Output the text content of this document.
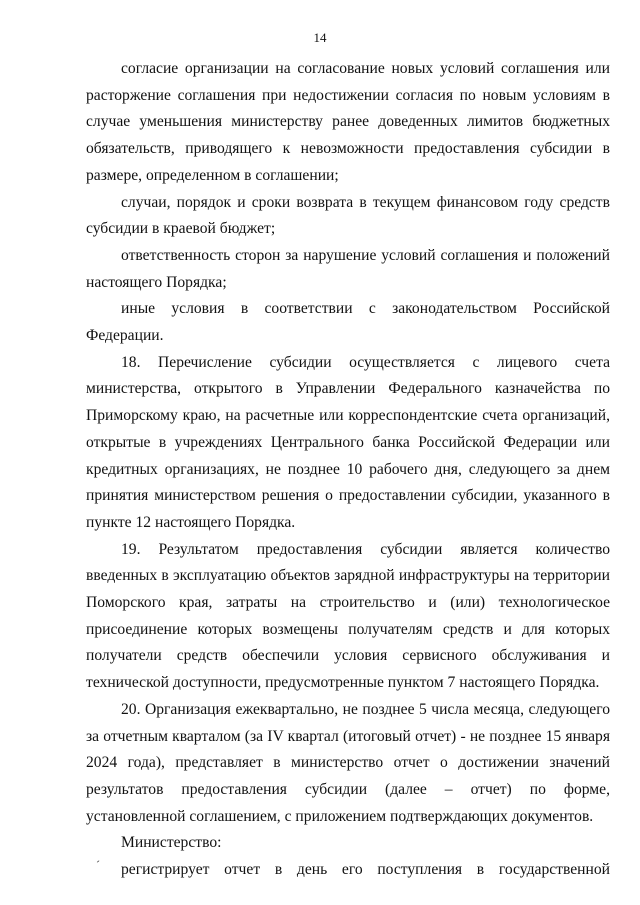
14

согласие организации на согласование новых условий соглашения или расторжение соглашения при недостижении согласия по новым условиям в случае уменьшения министерству ранее доведенных лимитов бюджетных обязательств, приводящего к невозможности предоставления субсидии в размере, определенном в соглашении;

случаи, порядок и сроки возврата в текущем финансовом году средств субсидии в краевой бюджет;

ответственность сторон за нарушение условий соглашения и положений настоящего Порядка;

иные условия в соответствии с законодательством Российской Федерации.

18. Перечисление субсидии осуществляется с лицевого счета министерства, открытого в Управлении Федерального казначейства по Приморскому краю, на расчетные или корреспондентские счета организаций, открытые в учреждениях Центрального банка Российской Федерации или кредитных организациях, не позднее 10 рабочего дня, следующего за днем принятия министерством решения о предоставлении субсидии, указанного в пункте 12 настоящего Порядка.

19. Результатом предоставления субсидии является количество введенных в эксплуатацию объектов зарядной инфраструктуры на территории Поморского края, затраты на строительство и (или) технологическое присоединение которых возмещены получателям средств и для которых получатели средств обеспечили условия сервисного обслуживания и технической доступности, предусмотренные пунктом 7 настоящего Порядка.

20. Организация ежеквартально, не позднее 5 числа месяца, следующего за отчетным кварталом (за IV квартал (итоговый отчет) - не позднее 15 января 2024 года), представляет в министерство отчет о достижении значений результатов предоставления субсидии (далее – отчет) по форме, установленной соглашением, с приложением подтверждающих документов.

Министерство:

регистрирует отчет в день его поступления в государственной

ˊ
